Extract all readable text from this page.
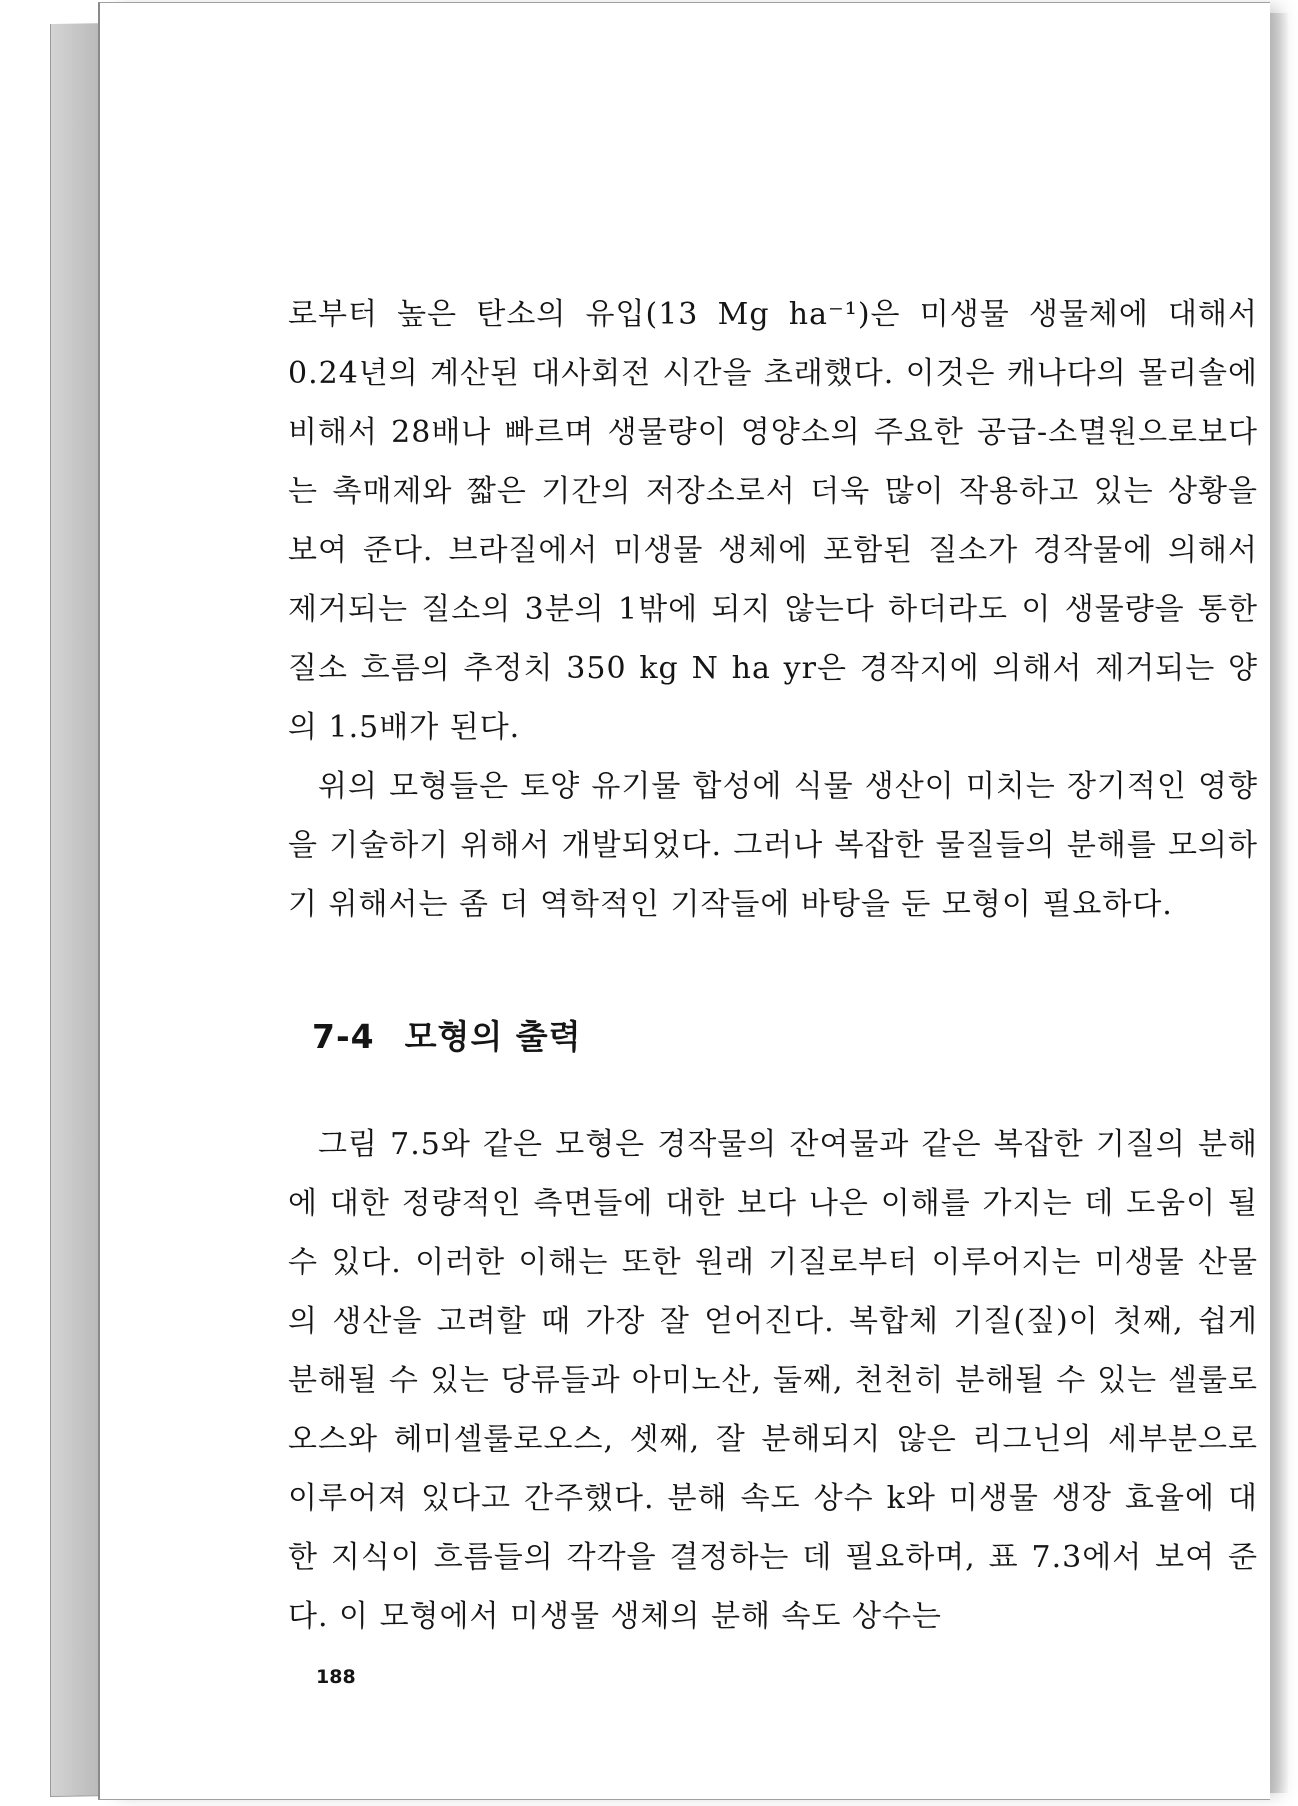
로부터 높은 탄소의 유입(13 Mg ha⁻¹)은 미생물 생물체에 대해서 0.24년의 계산된 대사회전 시간을 초래했다. 이것은 캐나다의 몰리솔에 비해서 28배나 빠르며 생물량이 영양소의 주요한 공급-소멸원으로보다는 촉매제와 짧은 기간의 저장소로서 더욱 많이 작용하고 있는 상황을 보여 준다. 브라질에서 미생물 생체에 포함된 질소가 경작물에 의해서 제거되는 질소의 3분의 1밖에 되지 않는다 하더라도 이 생물량을 통한 질소 흐름의 추정치 350 kg N ha yr은 경작지에 의해서 제거되는 양의 1.5배가 된다.

위의 모형들은 토양 유기물 합성에 식물 생산이 미치는 장기적인 영향을 기술하기 위해서 개발되었다. 그러나 복잡한 물질들의 분해를 모의하기 위해서는 좀 더 역학적인 기작들에 바탕을 둔 모형이 필요하다.

7-4 모형의 출력

그림 7.5와 같은 모형은 경작물의 잔여물과 같은 복잡한 기질의 분해에 대한 정량적인 측면들에 대한 보다 나은 이해를 가지는 데 도움이 될 수 있다. 이러한 이해는 또한 원래 기질로부터 이루어지는 미생물 산물의 생산을 고려할 때 가장 잘 얻어진다. 복합체 기질(짚)이 첫째, 쉽게 분해될 수 있는 당류들과 아미노산, 둘째, 천천히 분해될 수 있는 셀룰로오스와 헤미셀룰로오스, 셋째, 잘 분해되지 않은 리그닌의 세부분으로 이루어져 있다고 간주했다. 분해 속도 상수 k와 미생물 생장 효율에 대한 지식이 흐름들의 각각을 결정하는 데 필요하며, 표 7.3에서 보여 준다. 이 모형에서 미생물 생체의 분해 속도 상수는

188
